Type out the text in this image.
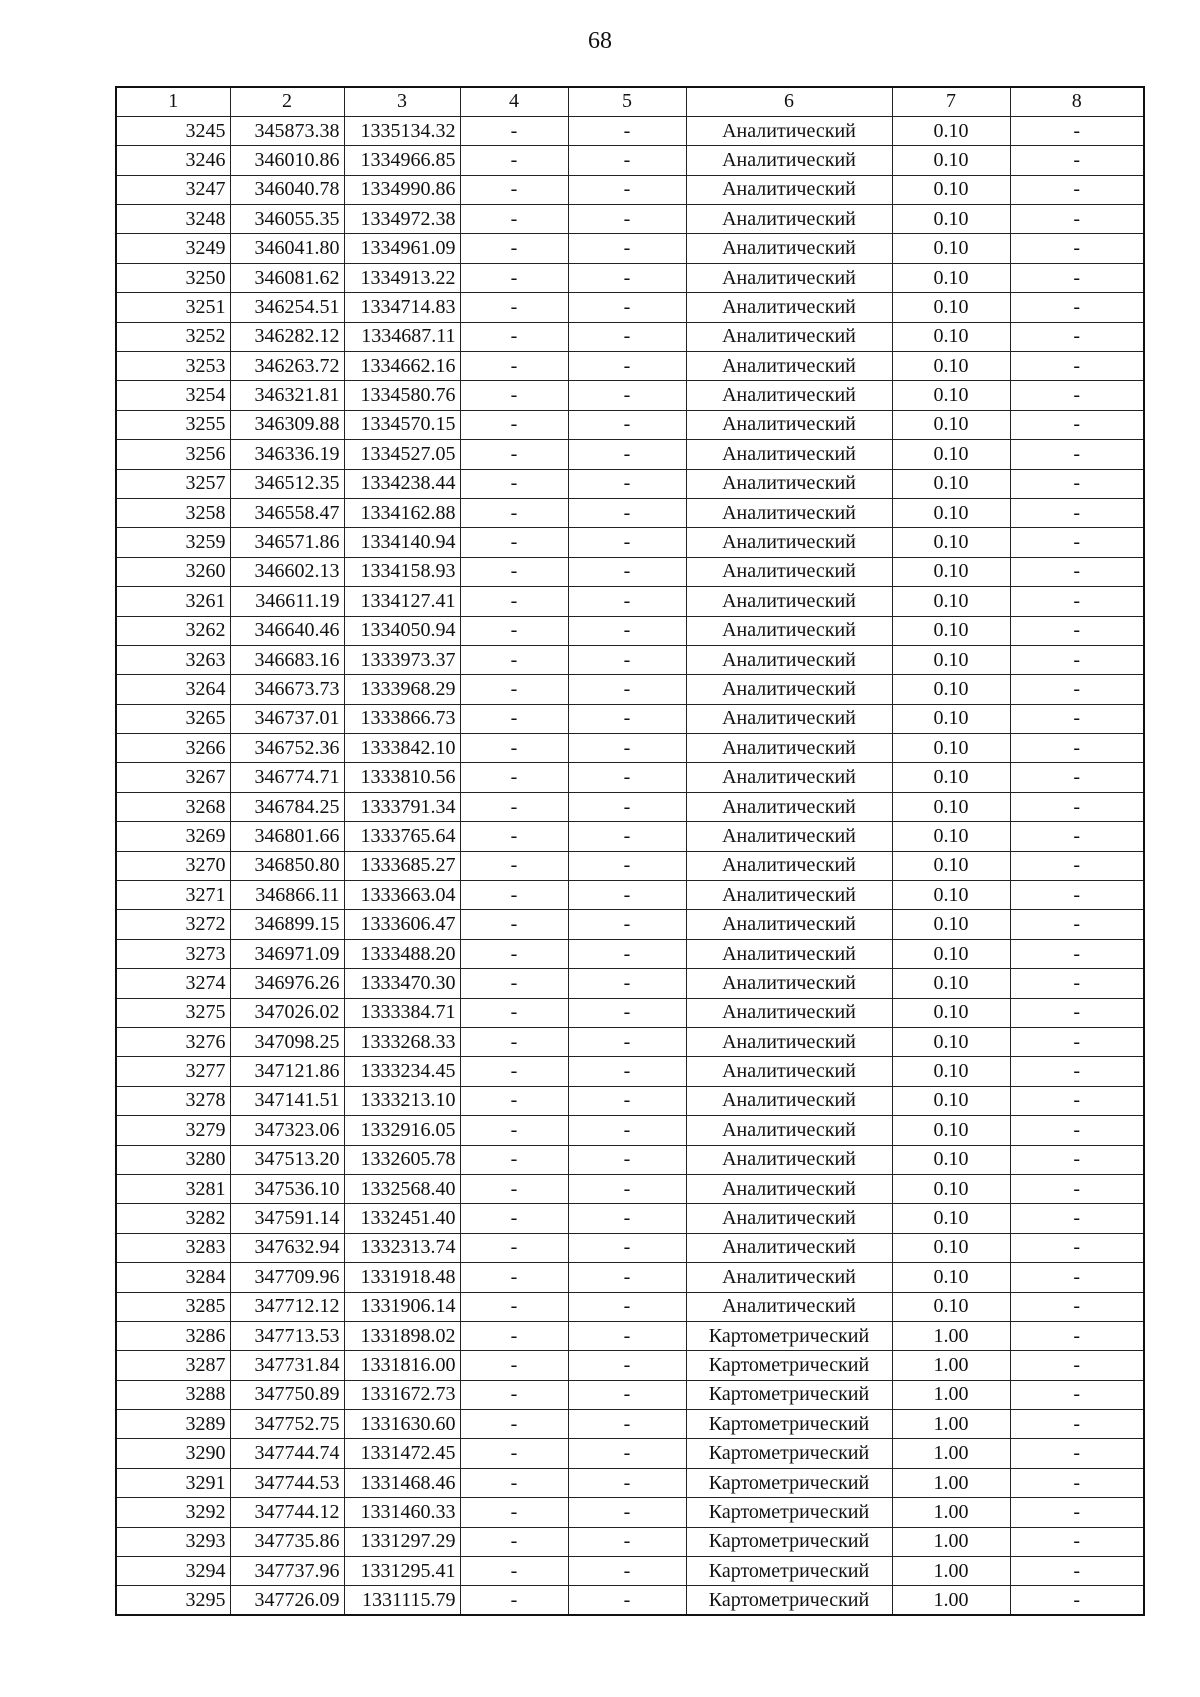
68
1	2	3	4	5	6	7	8
3245	345873.38	1335134.32	-	-	Аналитический	0.10	-
3246	346010.86	1334966.85	-	-	Аналитический	0.10	-
3247	346040.78	1334990.86	-	-	Аналитический	0.10	-
3248	346055.35	1334972.38	-	-	Аналитический	0.10	-
3249	346041.80	1334961.09	-	-	Аналитический	0.10	-
3250	346081.62	1334913.22	-	-	Аналитический	0.10	-
3251	346254.51	1334714.83	-	-	Аналитический	0.10	-
3252	346282.12	1334687.11	-	-	Аналитический	0.10	-
3253	346263.72	1334662.16	-	-	Аналитический	0.10	-
3254	346321.81	1334580.76	-	-	Аналитический	0.10	-
3255	346309.88	1334570.15	-	-	Аналитический	0.10	-
3256	346336.19	1334527.05	-	-	Аналитический	0.10	-
3257	346512.35	1334238.44	-	-	Аналитический	0.10	-
3258	346558.47	1334162.88	-	-	Аналитический	0.10	-
3259	346571.86	1334140.94	-	-	Аналитический	0.10	-
3260	346602.13	1334158.93	-	-	Аналитический	0.10	-
3261	346611.19	1334127.41	-	-	Аналитический	0.10	-
3262	346640.46	1334050.94	-	-	Аналитический	0.10	-
3263	346683.16	1333973.37	-	-	Аналитический	0.10	-
3264	346673.73	1333968.29	-	-	Аналитический	0.10	-
3265	346737.01	1333866.73	-	-	Аналитический	0.10	-
3266	346752.36	1333842.10	-	-	Аналитический	0.10	-
3267	346774.71	1333810.56	-	-	Аналитический	0.10	-
3268	346784.25	1333791.34	-	-	Аналитический	0.10	-
3269	346801.66	1333765.64	-	-	Аналитический	0.10	-
3270	346850.80	1333685.27	-	-	Аналитический	0.10	-
3271	346866.11	1333663.04	-	-	Аналитический	0.10	-
3272	346899.15	1333606.47	-	-	Аналитический	0.10	-
3273	346971.09	1333488.20	-	-	Аналитический	0.10	-
3274	346976.26	1333470.30	-	-	Аналитический	0.10	-
3275	347026.02	1333384.71	-	-	Аналитический	0.10	-
3276	347098.25	1333268.33	-	-	Аналитический	0.10	-
3277	347121.86	1333234.45	-	-	Аналитический	0.10	-
3278	347141.51	1333213.10	-	-	Аналитический	0.10	-
3279	347323.06	1332916.05	-	-	Аналитический	0.10	-
3280	347513.20	1332605.78	-	-	Аналитический	0.10	-
3281	347536.10	1332568.40	-	-	Аналитический	0.10	-
3282	347591.14	1332451.40	-	-	Аналитический	0.10	-
3283	347632.94	1332313.74	-	-	Аналитический	0.10	-
3284	347709.96	1331918.48	-	-	Аналитический	0.10	-
3285	347712.12	1331906.14	-	-	Аналитический	0.10	-
3286	347713.53	1331898.02	-	-	Картометрический	1.00	-
3287	347731.84	1331816.00	-	-	Картометрический	1.00	-
3288	347750.89	1331672.73	-	-	Картометрический	1.00	-
3289	347752.75	1331630.60	-	-	Картометрический	1.00	-
3290	347744.74	1331472.45	-	-	Картометрический	1.00	-
3291	347744.53	1331468.46	-	-	Картометрический	1.00	-
3292	347744.12	1331460.33	-	-	Картометрический	1.00	-
3293	347735.86	1331297.29	-	-	Картометрический	1.00	-
3294	347737.96	1331295.41	-	-	Картометрический	1.00	-
3295	347726.09	1331115.79	-	-	Картометрический	1.00	-
